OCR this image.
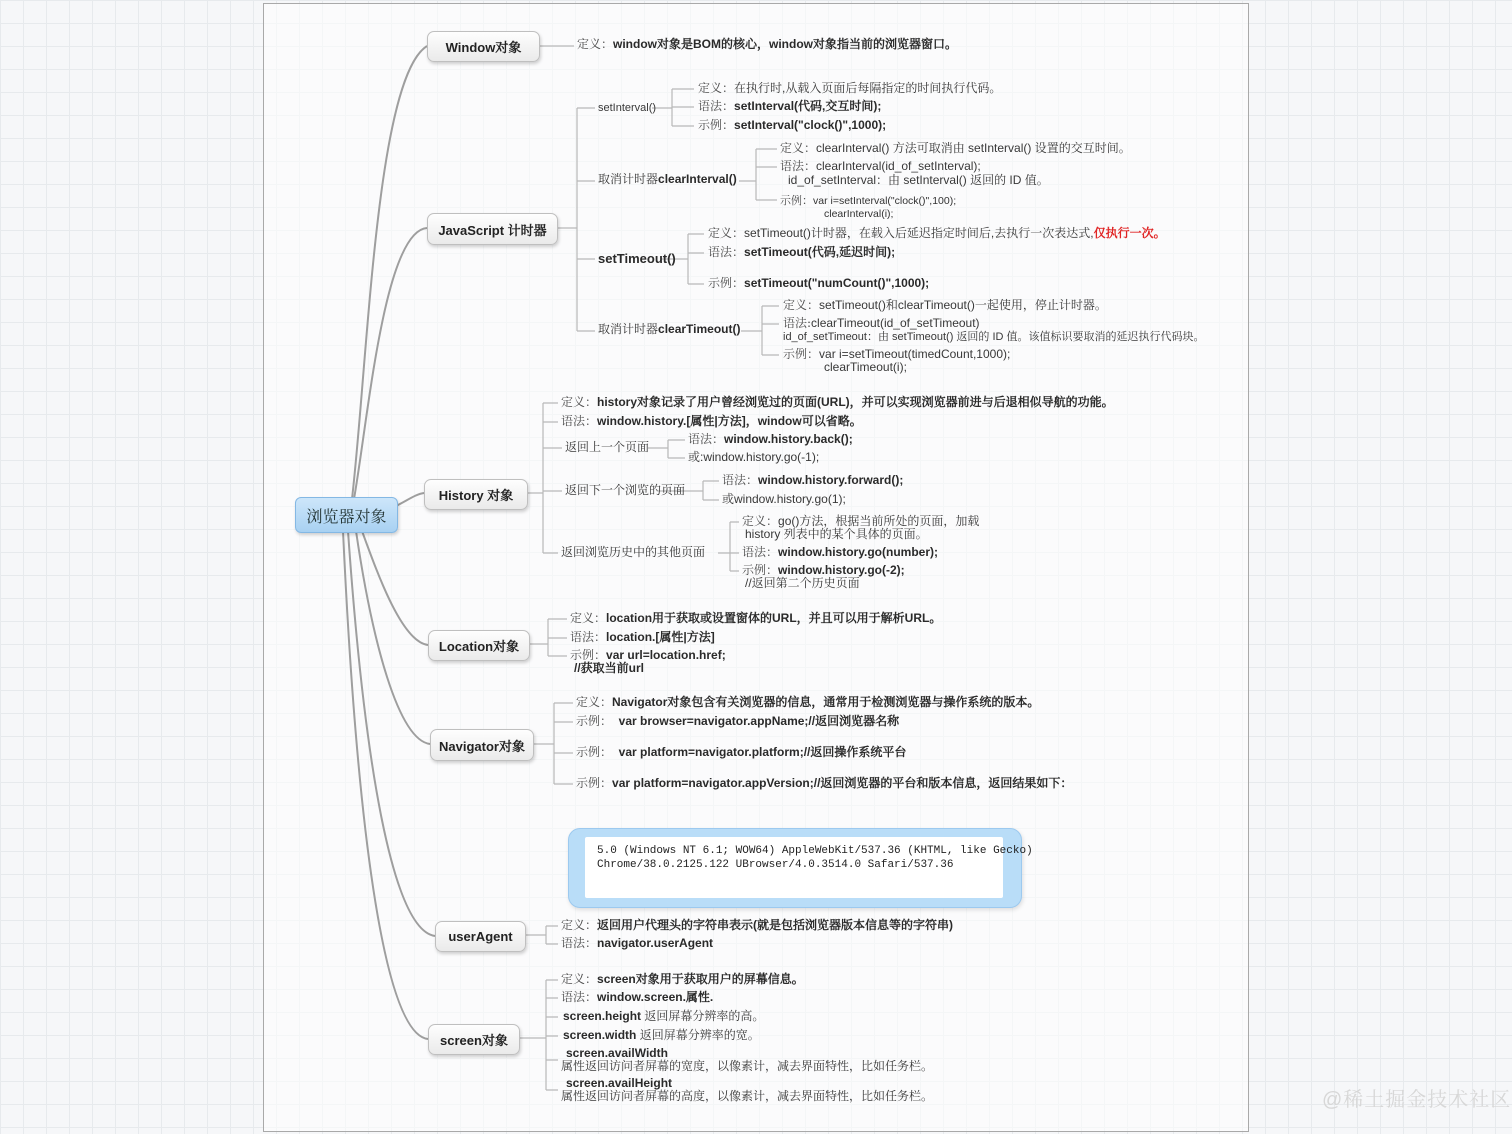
浏览器对象
Window对象
JavaScript 计时器
History 对象
Location对象
Navigator对象
userAgent
screen对象
定义：window对象是BOM的核心，window对象指当前的浏览器窗口。
setInterval()
定义：在执行时,从载入页面后每隔指定的时间执行代码。
语法：setInterval(代码,交互时间);
示例：setInterval("clock()",1000);
取消计时器clearInterval()
定义：clearInterval() 方法可取消由 setInterval() 设置的交互时间。
语法：clearInterval(id_of_setInterval);
id_of_setInterval：由 setInterval() 返回的 ID 值。
示例：var i=setInterval("clock()",100);
clearInterval(i);
setTimeout()
定义：setTimeout()计时器，在载入后延迟指定时间后,去执行一次表达式,仅执行一次。
语法：setTimeout(代码,延迟时间);
示例：setTimeout("numCount()",1000);
取消计时器clearTimeout()
定义：setTimeout()和clearTimeout()一起使用，停止计时器。
语法:clearTimeout(id_of_setTimeout)
id_of_setTimeout：由 setTimeout() 返回的 ID 值。该值标识要取消的延迟执行代码块。
示例：var i=setTimeout(timedCount,1000);
clearTimeout(i);
定义：history对象记录了用户曾经浏览过的页面(URL)，并可以实现浏览器前进与后退相似导航的功能。
语法：window.history.[属性|方法]，window可以省略。
返回上一个页面
语法：window.history.back();
或:window.history.go(-1);
返回下一个浏览的页面
语法：window.history.forward();
或window.history.go(1);
返回浏览历史中的其他页面
定义：go()方法，根据当前所处的页面，加载
history 列表中的某个具体的页面。
语法：window.history.go(number);
示例：window.history.go(-2);
//返回第二个历史页面
定义：location用于获取或设置窗体的URL，并且可以用于解析URL。
语法：location.[属性|方法]
示例：var url=location.href;
//获取当前url
定义：Navigator对象包含有关浏览器的信息，通常用于检测浏览器与操作系统的版本。
示例：  var browser=navigator.appName;//返回浏览器名称
示例：  var platform=navigator.platform;//返回操作系统平台
示例：var platform=navigator.appVersion;//返回浏览器的平台和版本信息，返回结果如下：
5.0 (Windows NT 6.1; WOW64) AppleWebKit/537.36 (KHTML, like Gecko)
Chrome/38.0.2125.122 UBrowser/4.0.3514.0 Safari/537.36
定义：返回用户代理头的字符串表示(就是包括浏览器版本信息等的字符串)
语法：navigator.userAgent
定义：screen对象用于获取用户的屏幕信息。
语法：window.screen.属性.
screen.height 返回屏幕分辨率的高。
screen.width 返回屏幕分辨率的宽。
screen.availWidth
属性返回访问者屏幕的宽度，以像素计，减去界面特性，比如任务栏。
screen.availHeight
属性返回访问者屏幕的高度，以像素计，减去界面特性，比如任务栏。	@稀土掘金技术社区
